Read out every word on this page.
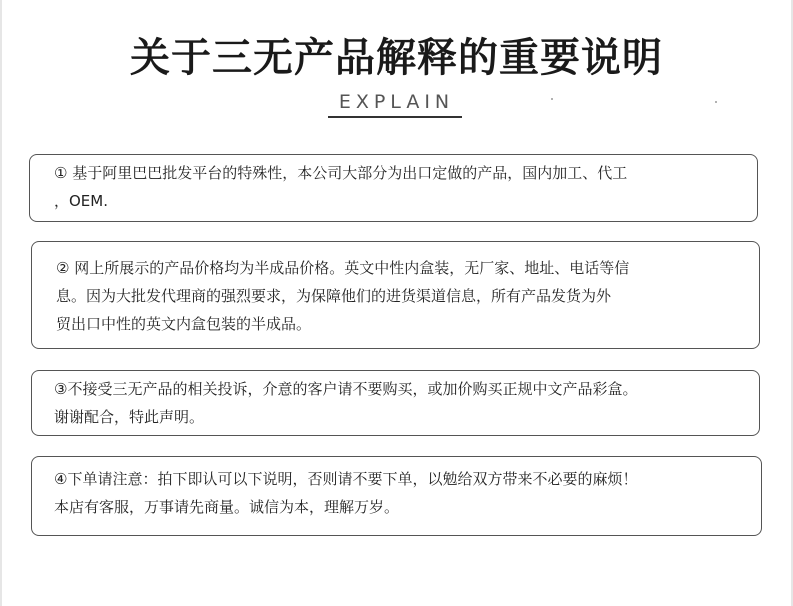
关于三无产品解释的重要说明
EXPLAIN
① 基于阿里巴巴批发平台的特殊性，本公司大部分为出口定做的产品，国内加工、代工
，OEM.
② 网上所展示的产品价格均为半成品价格。英文中性内盒装，无厂家、地址、电话等信
息。因为大批发代理商的强烈要求，为保障他们的进货渠道信息，所有产品发货为外
贸出口中性的英文内盒包装的半成品。
③不接受三无产品的相关投诉，介意的客户请不要购买，或加价购买正规中文产品彩盒。
谢谢配合，特此声明。
④下单请注意：拍下即认可以下说明，否则请不要下单，以勉给双方带来不必要的麻烦！
本店有客服，万事请先商量。诚信为本，理解万岁。
